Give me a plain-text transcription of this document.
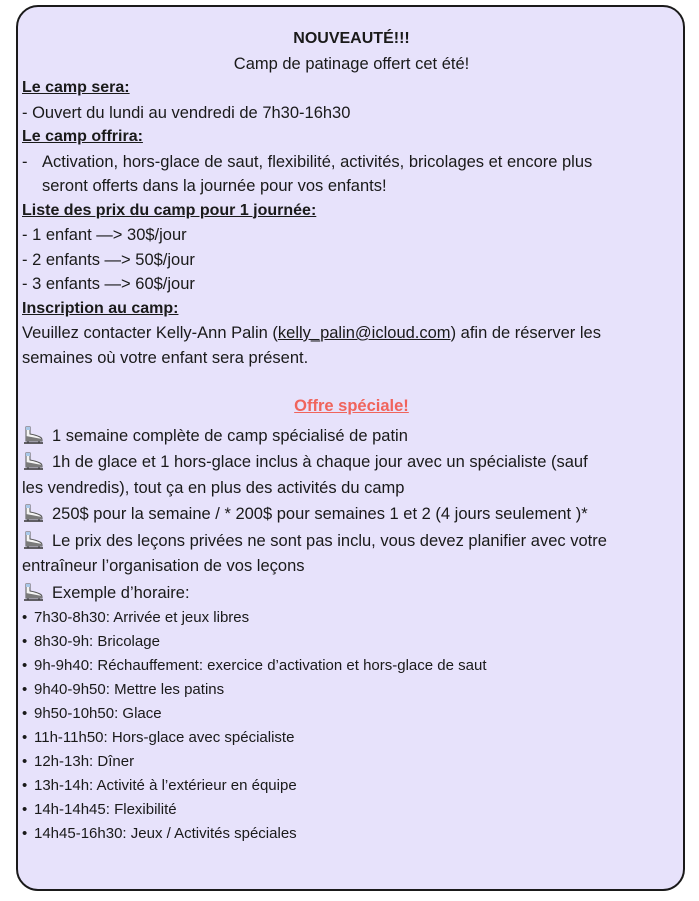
NOUVEAUTÉ!!!
Camp de patinage offert cet été!
Le camp sera:
- Ouvert du lundi au vendredi de 7h30-16h30
Le camp offrira:
- Activation, hors-glace de saut, flexibilité, activités, bricolages et encore plus
seront offerts dans la journée pour vos enfants!
Liste des prix du camp pour 1 journée:
- 1 enfant —> 30$/jour
- 2 enfants —> 50$/jour
- 3 enfants —> 60$/jour
Inscription au camp:
Veuillez contacter Kelly-Ann Palin (kelly_palin@icloud.com) afin de réserver les
semaines où votre enfant sera présent.
Offre spéciale!
1 semaine complète de camp spécialisé de patin
1h de glace et 1 hors-glace inclus à chaque jour avec un spécialiste (sauf
les vendredis), tout ça en plus des activités du camp
250$ pour la semaine / * 200$ pour semaines 1 et 2 (4 jours seulement )*
Le prix des leçons privées ne sont pas inclu, vous devez planifier avec votre
entraîneur l’organisation de vos leçons
Exemple d’horaire:
• 7h30-8h30: Arrivée et jeux libres
• 8h30-9h: Bricolage
• 9h-9h40: Réchauffement: exercice d’activation et hors-glace de saut
• 9h40-9h50: Mettre les patins
• 9h50-10h50: Glace
• 11h-11h50: Hors-glace avec spécialiste
• 12h-13h: Dîner
• 13h-14h: Activité à l’extérieur en équipe
• 14h-14h45: Flexibilité
• 14h45-16h30: Jeux / Activités spéciales
